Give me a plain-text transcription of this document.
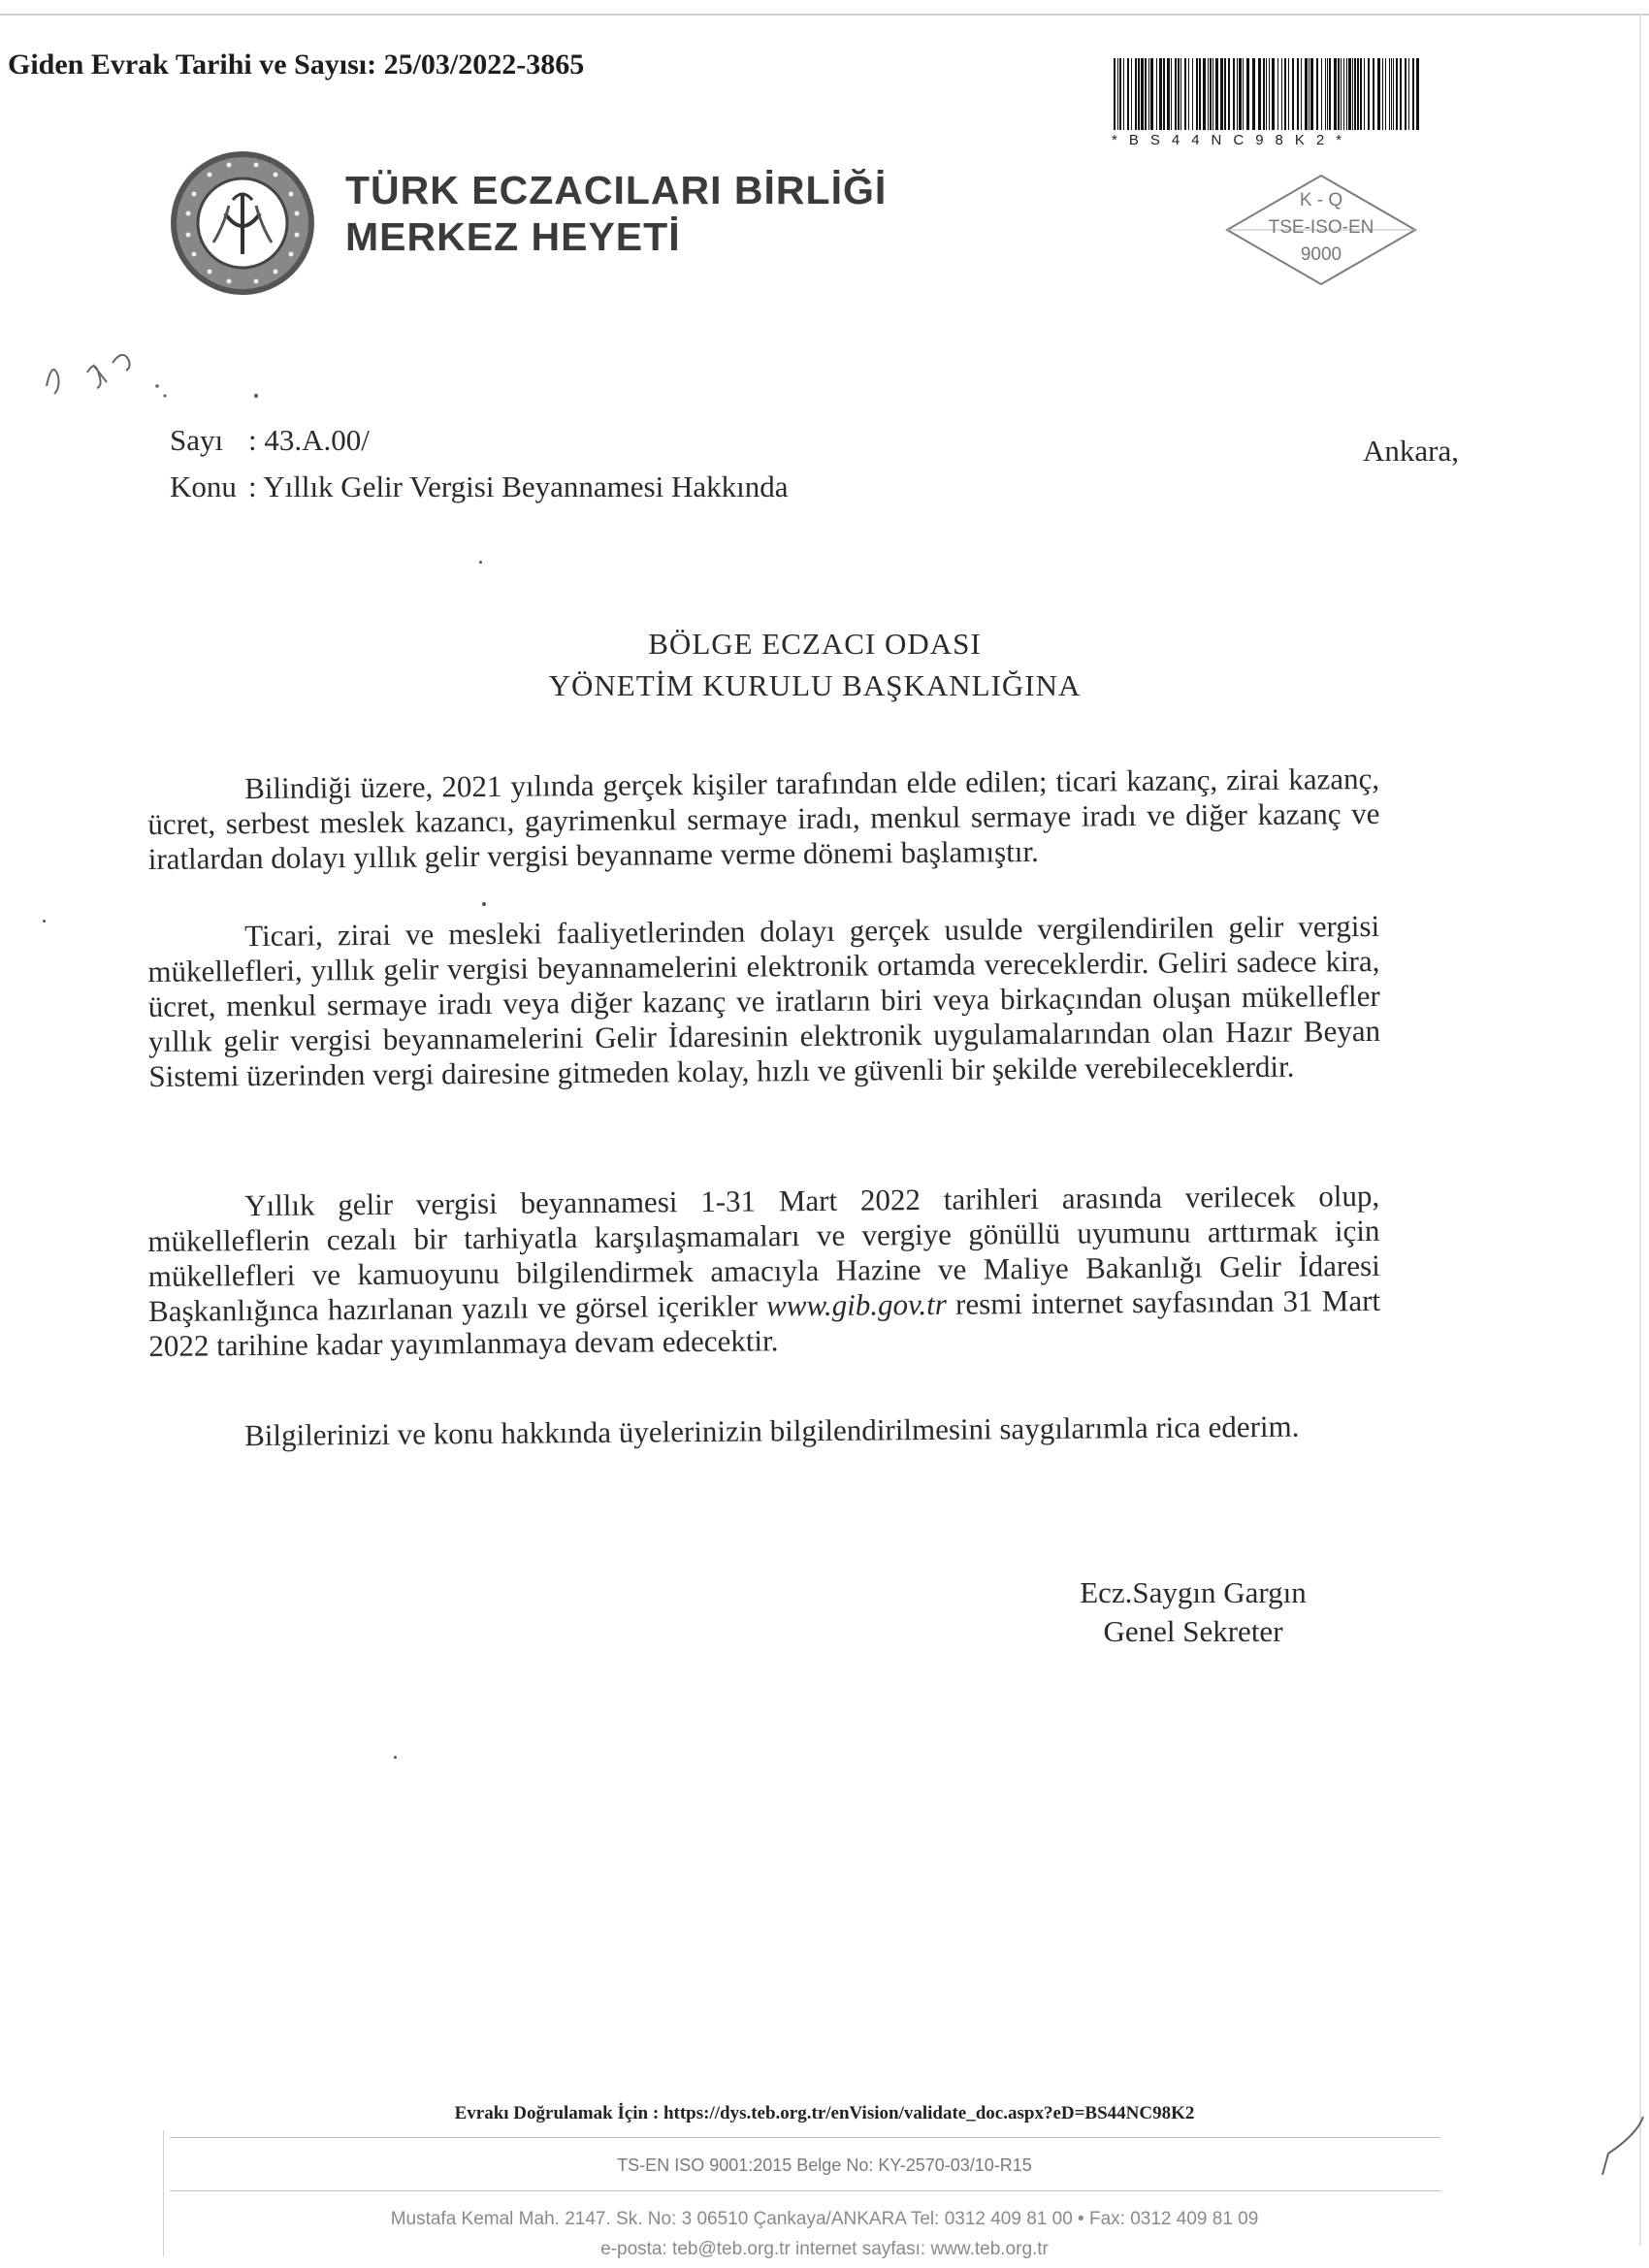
Giden Evrak Tarihi ve Sayısı: 25/03/2022-3865
*BS44NC98K2*
K - Q
TSE-ISO-EN
9000
TÜRK ECZACILARI BİRLİĞİ
MERKEZ HEYETİ
Sayı : 43.A.00/
Konu : Yıllık Gelir Vergisi Beyannamesi Hakkında
Ankara,
BÖLGE ECZACI ODASI
YÖNETİM KURULU BAŞKANLIĞINA

Bilindiği üzere, 2021 yılında gerçek kişiler tarafından elde edilen; ticari kazanç, zirai kazanç, ücret, serbest meslek kazancı, gayrimenkul sermaye iradı, menkul sermaye iradı ve diğer kazanç ve iratlardan dolayı yıllık gelir vergisi beyanname verme dönemi başlamıştır.

Ticari, zirai ve mesleki faaliyetlerinden dolayı gerçek usulde vergilendirilen gelir vergisi mükellefleri, yıllık gelir vergisi beyannamelerini elektronik ortamda vereceklerdir. Geliri sadece kira, ücret, menkul sermaye iradı veya diğer kazanç ve iratların biri veya birkaçından oluşan mükellefler yıllık gelir vergisi beyannamelerini Gelir İdaresinin elektronik uygulamalarından olan Hazır Beyan Sistemi üzerinden vergi dairesine gitmeden kolay, hızlı ve güvenli bir şekilde verebileceklerdir.

Yıllık gelir vergisi beyannamesi 1-31 Mart 2022 tarihleri arasında verilecek olup, mükelleflerin cezalı bir tarhiyatla karşılaşmamaları ve vergiye gönüllü uyumunu arttırmak için mükellefleri ve kamuoyunu bilgilendirmek amacıyla Hazine ve Maliye Bakanlığı Gelir İdaresi Başkanlığınca hazırlanan yazılı ve görsel içerikler www.gib.gov.tr resmi internet sayfasından 31 Mart 2022 tarihine kadar yayımlanmaya devam edecektir.

Bilgilerinizi ve konu hakkında üyelerinizin bilgilendirilmesini saygılarımla rica ederim.

Ecz.Saygın Gargın
Genel Sekreter
Evrakı Doğrulamak İçin : https://dys.teb.org.tr/enVision/validate_doc.aspx?eD=BS44NC98K2
TS-EN ISO 9001:2015 Belge No: KY-2570-03/10-R15
Mustafa Kemal Mah. 2147. Sk. No: 3 06510 Çankaya/ANKARA Tel: 0312 409 81 00 • Fax: 0312 409 81 09
e-posta: teb@teb.org.tr internet sayfası: www.teb.org.tr
